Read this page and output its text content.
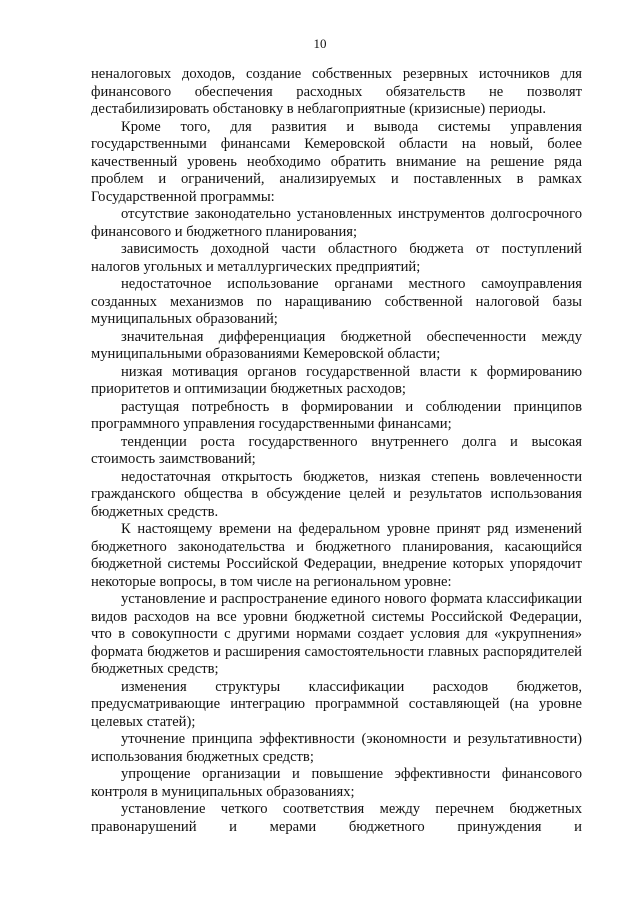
10

неналоговых доходов, создание собственных резервных источников для финансового обеспечения расходных обязательств не позволят дестабилизировать обстановку в неблагоприятные (кризисные) периоды.

Кроме того, для развития и вывода системы управления государственными финансами Кемеровской области на новый, более качественный уровень необходимо обратить внимание на решение ряда проблем и ограничений, анализируемых и поставленных в рамках Государственной программы:

отсутствие законодательно установленных инструментов долгосрочного финансового и бюджетного планирования;

зависимость доходной части областного бюджета от поступлений налогов угольных и металлургических предприятий;

недостаточное использование органами местного самоуправления созданных механизмов по наращиванию собственной налоговой базы муниципальных образований;

значительная дифференциация бюджетной обеспеченности между муниципальными образованиями Кемеровской области;

низкая мотивация органов государственной власти к формированию приоритетов и оптимизации бюджетных расходов;

растущая потребность в формировании и соблюдении принципов программного управления государственными финансами;

тенденции роста государственного внутреннего долга и высокая стоимость заимствований;

недостаточная открытость бюджетов, низкая степень вовлеченности гражданского общества в обсуждение целей и результатов использования бюджетных средств.

К настоящему времени на федеральном уровне принят ряд изменений бюджетного законодательства и бюджетного планирования, касающийся бюджетной системы Российской Федерации, внедрение которых упорядочит некоторые вопросы, в том числе на региональном уровне:

установление и распространение единого нового формата классификации видов расходов на все уровни бюджетной системы Российской Федерации, что в совокупности с другими нормами создает условия для «укрупнения» формата бюджетов и расширения самостоятельности главных распорядителей бюджетных средств;

изменения структуры классификации расходов бюджетов, предусматривающие интеграцию программной составляющей (на уровне целевых статей);

уточнение принципа эффективности (экономности и результативности) использования бюджетных средств;

упрощение организации и повышение эффективности финансового контроля в муниципальных образованиях;

установление четкого соответствия между перечнем бюджетных правонарушений и мерами бюджетного принуждения и
